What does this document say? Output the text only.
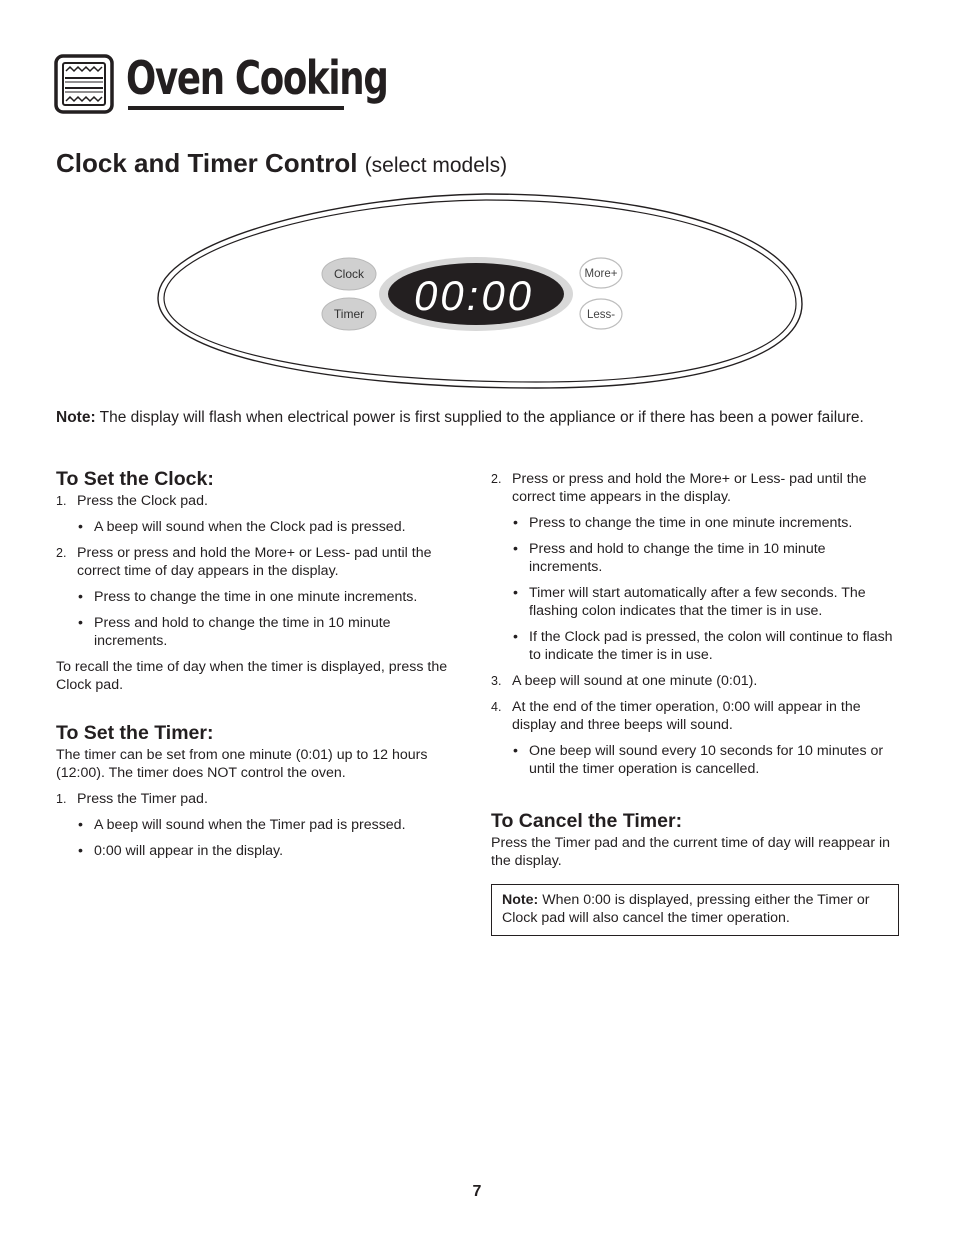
Oven Cooking
Clock and Timer Control (select models)
Clock
Timer 00:00	More+
Less-

Note: The display will flash when electrical power is first supplied to the appliance or if there has been a power failure.

To Set the Clock:
1. Press the Clock pad.
• A beep will sound when the Clock pad is pressed.
2. Press or press and hold the More+ or Less- pad until the correct time of day appears in the display.
• Press to change the time in one minute increments.
• Press and hold to change the time in 10 minute increments.

To recall the time of day when the timer is displayed, press the Clock pad.

To Set the Timer:

The timer can be set from one minute (0:01) up to 12 hours (12:00). The timer does NOT control the oven.

1. Press the Timer pad.
• A beep will sound when the Timer pad is pressed.
• 0:00 will appear in the display.
2. Press or press and hold the More+ or Less- pad until the correct time appears in the display.
• Press to change the time in one minute increments.
• Press and hold to change the time in 10 minute increments.
• Timer will start automatically after a few seconds. The flashing colon indicates that the timer is in use.
• If the Clock pad is pressed, the colon will continue to flash to indicate the timer is in use.
3. A beep will sound at one minute (0:01).
4. At the end of the timer operation, 0:00 will appear in the display and three beeps will sound.
• One beep will sound every 10 seconds for 10 minutes or until the timer operation is cancelled.
To Cancel the Timer:

Press the Timer pad and the current time of day will reappear in the display.

Note: When 0:00 is displayed, pressing either the Timer or Clock pad will also cancel the timer operation.

7
